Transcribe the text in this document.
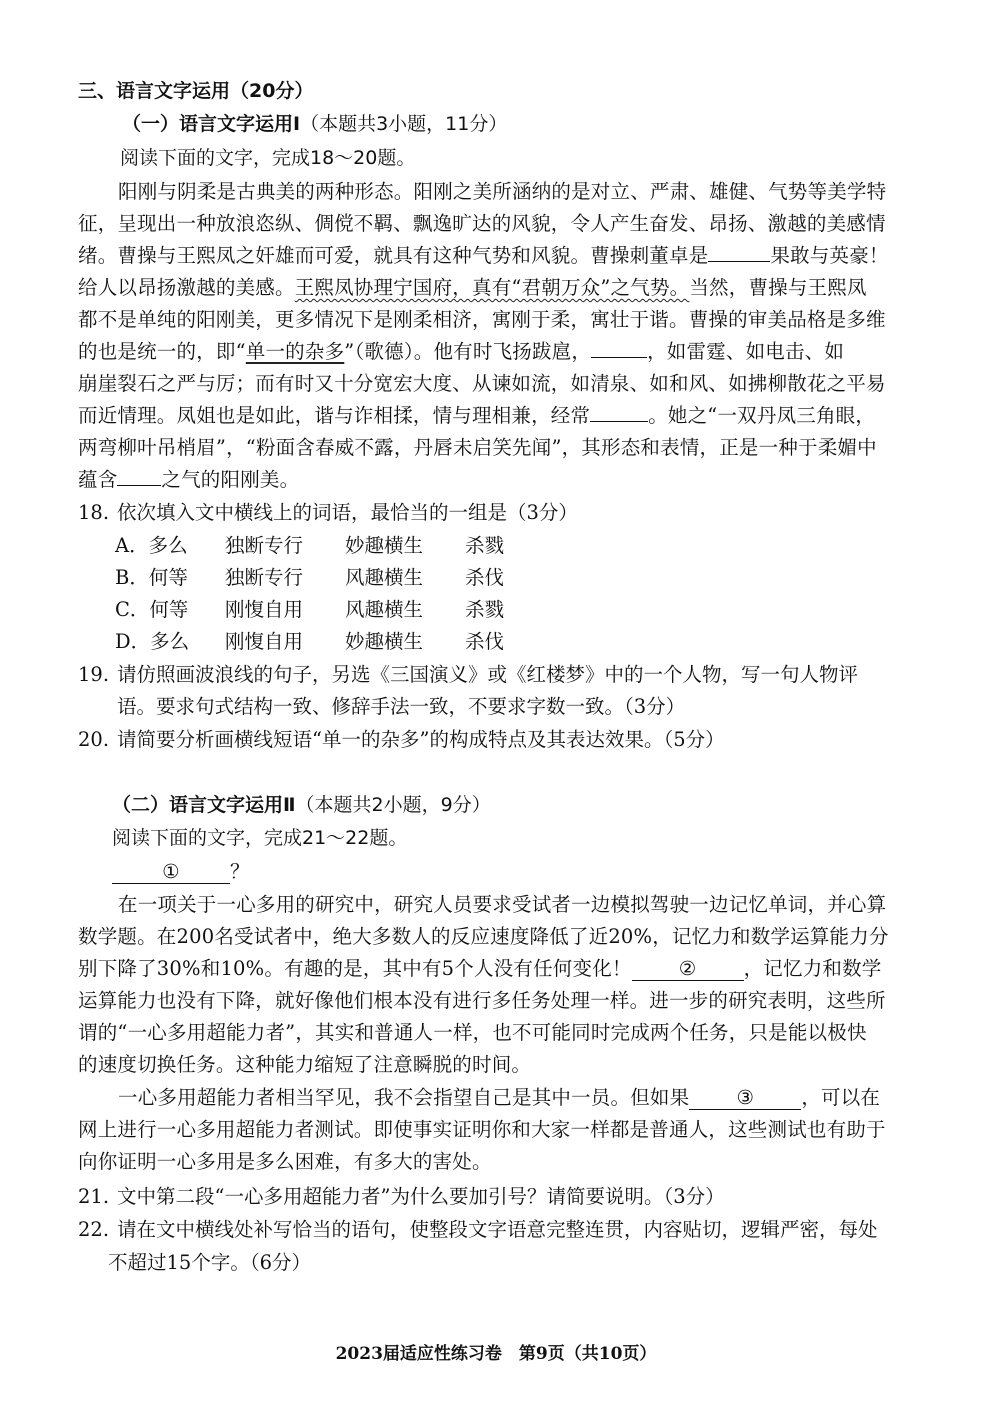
三、语言文字运用（20分）
（一）语言文字运用Ⅰ（本题共3小题，11分）
阅读下面的文字，完成18～20题。
阳刚与阴柔是古典美的两种形态。阳刚之美所涵纳的是对立、严肃、雄健、气势等美学特
征，呈现出一种放浪恣纵、倜傥不羁、飘逸旷达的风貌，令人产生奋发、昂扬、激越的美感情
绪。曹操与王熙凤之奸雄而可爱，就具有这种气势和风貌。曹操刺董卓是	果敢与英豪！
给人以昂扬激越的美感。王熙凤协理宁国府，真有“君朝万众”之气势。当然，曹操与王熙凤
都不是单纯的阳刚美，更多情况下是刚柔相济，寓刚于柔，寓壮于谐。曹操的审美品格是多维
的也是统一的，即“单一的杂多”（歌德）。他有时飞扬跋扈，	，如雷霆、如电击、如
崩崖裂石之严与厉；而有时又十分宽宏大度、从谏如流，如清泉、如和风、如拂柳散花之平易
而近情理。凤姐也是如此，谐与诈相揉，情与理相兼，经常	。她之“一双丹凤三角眼，
两弯柳叶吊梢眉”，“粉面含春威不露，丹唇未启笑先闻”，其形态和表情，正是一种于柔媚中
蕴含 之气的阳刚美。
18. 依次填入文中横线上的词语，最恰当的一组是（3分）
A．多么 独断专行 妙趣横生 杀戮
B．何等 独断专行 风趣横生 杀伐
C．何等 刚愎自用 风趣横生 杀戮
D．多么 刚愎自用 妙趣横生 杀伐
19. 请仿照画波浪线的句子，另选《三国演义》或《红楼梦》中的一个人物，写一句人物评
语。要求句式结构一致、修辞手法一致，不要求字数一致。（3分）
20. 请简要分析画横线短语“单一的杂多”的构成特点及其表达效果。（5分）
（二）语言文字运用Ⅱ（本题共2小题，9分）
阅读下面的文字，完成21～22题。
①	？
在一项关于一心多用的研究中，研究人员要求受试者一边模拟驾驶一边记忆单词，并心算
数学题。在200名受试者中，绝大多数人的反应速度降低了近20%，记忆力和数学运算能力分
别下降了30%和10%。有趣的是，其中有5个人没有任何变化！ ② ，记忆力和数学
运算能力也没有下降，就好像他们根本没有进行多任务处理一样。进一步的研究表明，这些所
谓的“一心多用超能力者”，其实和普通人一样，也不可能同时完成两个任务，只是能以极快
的速度切换任务。这种能力缩短了注意瞬脱的时间。
一心多用超能力者相当罕见，我不会指望自己是其中一员。但如果 ③ ，可以在
网上进行一心多用超能力者测试。即使事实证明你和大家一样都是普通人，这些测试也有助于
向你证明一心多用是多么困难，有多大的害处。
21. 文中第二段“一心多用超能力者”为什么要加引号？请简要说明。（3分）
22. 请在文中横线处补写恰当的语句，使整段文字语意完整连贯，内容贴切，逻辑严密，每处
不超过15个字。（6分）
2023届适应性练习卷　第9页（共10页）
